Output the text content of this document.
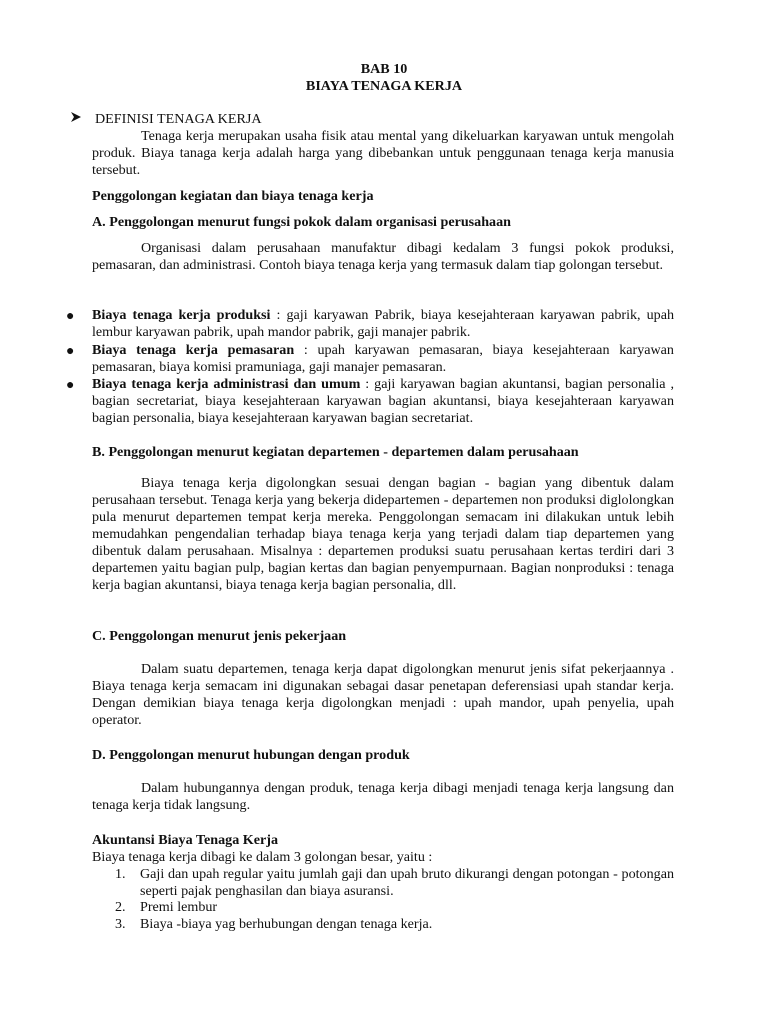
BAB 10
BIAYA TENAGA KERJA
DEFINISI TENAGA KERJA
Tenaga kerja merupakan usaha fisik atau mental yang dikeluarkan karyawan untuk mengolah produk. Biaya tanaga kerja adalah harga yang dibebankan untuk penggunaan tenaga kerja manusia tersebut.
Penggolongan kegiatan dan biaya tenaga kerja
A. Penggolongan menurut fungsi pokok dalam organisasi perusahaan
Organisasi dalam perusahaan manufaktur dibagi kedalam 3 fungsi pokok produksi, pemasaran, dan administrasi. Contoh biaya tenaga kerja yang termasuk dalam tiap golongan tersebut.
● Biaya tenaga kerja produksi : gaji karyawan Pabrik, biaya kesejahteraan karyawan pabrik, upah lembur karyawan pabrik, upah mandor pabrik, gaji manajer pabrik.
● Biaya tenaga kerja pemasaran : upah karyawan pemasaran, biaya kesejahteraan karyawan pemasaran, biaya komisi pramuniaga, gaji manajer pemasaran.
● Biaya tenaga kerja administrasi dan umum : gaji karyawan bagian akuntansi, bagian personalia , bagian secretariat, biaya kesejahteraan karyawan bagian akuntansi, biaya kesejahteraan karyawan bagian personalia, biaya kesejahteraan karyawan bagian secretariat.
B. Penggolongan menurut kegiatan departemen - departemen dalam perusahaan
Biaya tenaga kerja digolongkan sesuai dengan bagian - bagian yang dibentuk dalam perusahaan tersebut. Tenaga kerja yang bekerja didepartemen - departemen non produksi diglolongkan pula menurut departemen tempat kerja mereka. Penggolongan semacam ini dilakukan untuk lebih memudahkan pengendalian terhadap biaya tenaga kerja yang terjadi dalam tiap departemen yang dibentuk dalam perusahaan. Misalnya : departemen produksi suatu perusahaan kertas terdiri dari 3 departemen yaitu bagian pulp, bagian kertas dan bagian penyempurnaan. Bagian nonproduksi : tenaga kerja bagian akuntansi, biaya tenaga kerja bagian personalia, dll.
C. Penggolongan menurut jenis pekerjaan
Dalam suatu departemen, tenaga kerja dapat digolongkan menurut jenis sifat pekerjaannya . Biaya tenaga kerja semacam ini digunakan sebagai dasar penetapan deferensiasi upah standar kerja. Dengan demikian biaya tenaga kerja digolongkan menjadi : upah mandor, upah penyelia, upah operator.
D. Penggolongan menurut hubungan dengan produk
Dalam hubungannya dengan produk, tenaga kerja dibagi menjadi tenaga kerja langsung dan tenaga kerja tidak langsung.
Akuntansi Biaya Tenaga Kerja
Biaya tenaga kerja dibagi ke dalam 3 golongan besar, yaitu :
1. Gaji dan upah regular yaitu jumlah gaji dan upah bruto dikurangi dengan potongan - potongan seperti pajak penghasilan dan biaya asuransi.
2. Premi lembur
3. Biaya -biaya yag berhubungan dengan tenaga kerja.
